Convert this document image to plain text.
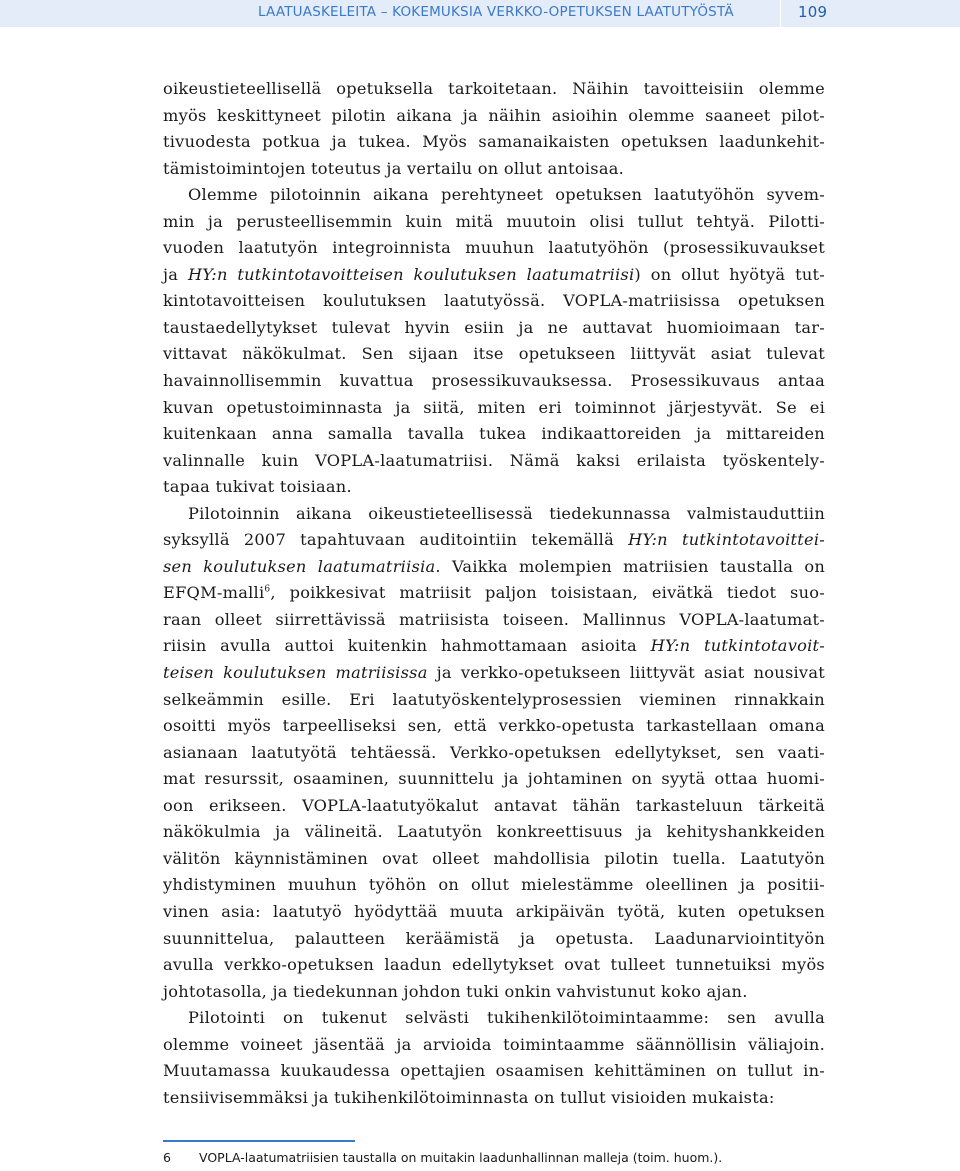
LAATUASKELEITA – KOKEMUKSIA VERKKO-OPETUKSEN LAATUTYÖSTÄ	109
oikeustieteellisellä opetuksella tarkoitetaan. Näihin tavoitteisiin olemme
myös keskittyneet pilotin aikana ja näihin asioihin olemme saaneet pilot-
tivuodesta potkua ja tukea. Myös samanaikaisten opetuksen laadunkehit-
tämistoimintojen toteutus ja vertailu on ollut antoisaa.
Olemme pilotoinnin aikana perehtyneet opetuksen laatutyöhön syvem-
min ja perusteellisemmin kuin mitä muutoin olisi tullut tehtyä. Pilotti-
vuoden laatutyön integroinnista muuhun laatutyöhön (prosessikuvaukset
ja HY:n tutkintotavoitteisen koulutuksen laatumatriisi) on ollut hyötyä tut-
kintotavoitteisen koulutuksen laatutyössä. VOPLA-matriisissa opetuksen
taustaedellytykset tulevat hyvin esiin ja ne auttavat huomioimaan tar-
vittavat näkökulmat. Sen sijaan itse opetukseen liittyvät asiat tulevat
havainnollisemmin kuvattua prosessikuvauksessa. Prosessikuvaus antaa
kuvan opetustoiminnasta ja siitä, miten eri toiminnot järjestyvät. Se ei
kuitenkaan anna samalla tavalla tukea indikaattoreiden ja mittareiden
valinnalle kuin VOPLA-laatumatriisi. Nämä kaksi erilaista työskentely-
tapaa tukivat toisiaan.
Pilotoinnin aikana oikeustieteellisessä tiedekunnassa valmistauduttiin
syksyllä 2007 tapahtuvaan auditointiin tekemällä HY:n tutkintotavoittei-
sen koulutuksen laatumatriisia. Vaikka molempien matriisien taustalla on
EFQM-malli$^6$, poikkesivat matriisit paljon toisistaan, eivätkä tiedot suo-
raan olleet siirrettävissä matriisista toiseen. Mallinnus VOPLA-laatumat-
riisin avulla auttoi kuitenkin hahmottamaan asioita HY:n tutkintotavoit-
teisen koulutuksen matriisissa ja verkko-opetukseen liittyvät asiat nousivat
selkeämmin esille. Eri laatutyöskentelyprosessien vieminen rinnakkain
osoitti myös tarpeelliseksi sen, että verkko-opetusta tarkastellaan omana
asianaan laatutyötä tehtäessä. Verkko-opetuksen edellytykset, sen vaati-
mat resurssit, osaaminen, suunnittelu ja johtaminen on syytä ottaa huomi-
oon erikseen. VOPLA-laatutyökalut antavat tähän tarkasteluun tärkeitä
näkökulmia ja välineitä. Laatutyön konkreettisuus ja kehityshankkeiden
välitön käynnistäminen ovat olleet mahdollisia pilotin tuella. Laatutyön
yhdistyminen muuhun työhön on ollut mielestämme oleellinen ja positii-
vinen asia: laatutyö hyödyttää muuta arkipäivän työtä, kuten opetuksen
suunnittelua, palautteen keräämistä ja opetusta. Laadunarviointityön
avulla verkko-opetuksen laadun edellytykset ovat tulleet tunnetuiksi myös
johtotasolla, ja tiedekunnan johdon tuki onkin vahvistunut koko ajan.
Pilotointi on tukenut selvästi tukihenkilötoimintaamme: sen avulla
olemme voineet jäsentää ja arvioida toimintaamme säännöllisin väliajoin.
Muutamassa kuukaudessa opettajien osaamisen kehittäminen on tullut in-
tensiivisemmäksi ja tukihenkilötoiminnasta on tullut visioiden mukaista:
6 VOPLA-laatumatriisien taustalla on muitakin laadunhallinnan malleja (toim. huom.).
